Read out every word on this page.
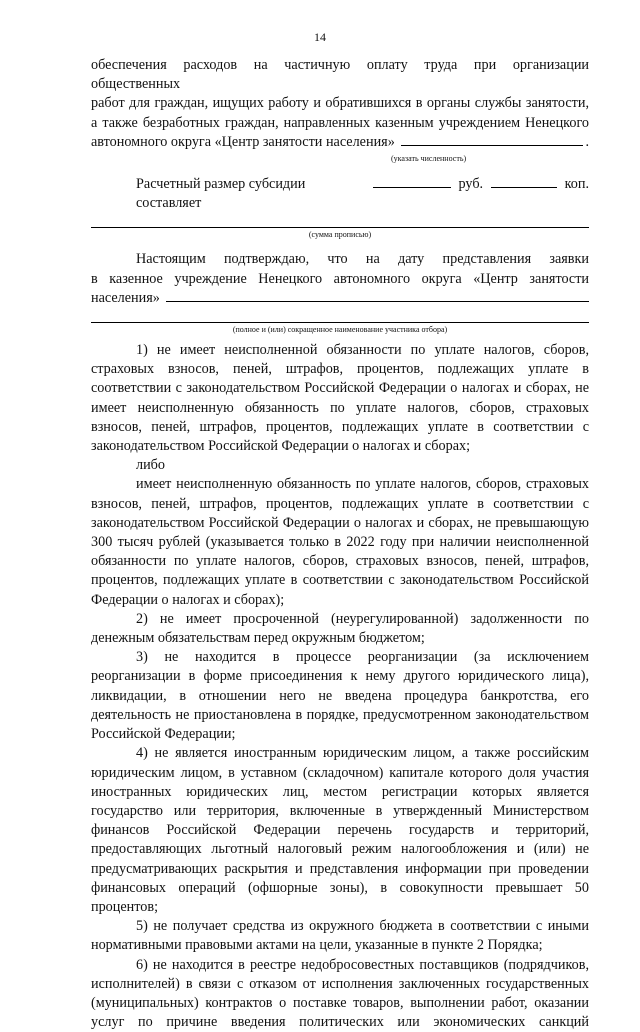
14

обеспечения расходов на частичную оплату труда при организации общественных

работ для граждан, ищущих работу и обратившихся в органы службы занятости,

а также безработных граждан, направленных казенным учреждением Ненецкого

автономного округа «Центр занятости населения»	.
(указать численность)
Расчетный размер субсидии составляет
руб.	коп.
(сумма прописью)

Настоящим подтверждаю, что на дату представления заявки

в казенное учреждение Ненецкого автономного округа «Центр занятости

населения»
(полное и (или) сокращенное наименование участника отбора)

1) не имеет неисполненной обязанности по уплате налогов, сборов, страховых взносов, пеней, штрафов, процентов, подлежащих уплате в соответствии с законодательством Российской Федерации о налогах и сборах, не имеет неисполненную обязанность по уплате налогов, сборов, страховых взносов, пеней, штрафов, процентов, подлежащих уплате в соответствии с законодательством Российской Федерации о налогах и сборах;

либо

имеет неисполненную обязанность по уплате налогов, сборов, страховых взносов, пеней, штрафов, процентов, подлежащих уплате в соответствии с законодательством Российской Федерации о налогах и сборах, не превышающую 300 тысяч рублей (указывается только в 2022 году при наличии неисполненной обязанности по уплате налогов, сборов, страховых взносов, пеней, штрафов, процентов, подлежащих уплате в соответствии с законодательством Российской Федерации о налогах и сборах);

2) не имеет просроченной (неурегулированной) задолженности по денежным обязательствам перед окружным бюджетом;

3) не находится в процессе реорганизации (за исключением реорганизации в форме присоединения к нему другого юридического лица), ликвидации, в отношении него не введена процедура банкротства, его деятельность не приостановлена в порядке, предусмотренном законодательством Российской Федерации;

4) не является иностранным юридическим лицом, а также российским юридическим лицом, в уставном (складочном) капитале которого доля участия иностранных юридических лиц, местом регистрации которых является государство или территория, включенные в утвержденный Министерством финансов Российской Федерации перечень государств и территорий, предоставляющих льготный налоговый режим налогообложения и (или) не предусматривающих раскрытия и представления информации при проведении финансовых операций (офшорные зоны), в совокупности превышает 50 процентов;

5) не получает средства из окружного бюджета в соответствии с иными нормативными правовыми актами на цели, указанные в пункте 2 Порядка;

6) не находится в реестре недобросовестных поставщиков (подрядчиков, исполнителей) в связи с отказом от исполнения заключенных государственных (муниципальных) контрактов о поставке товаров, выполнении работ, оказании услуг по причине введения политических или экономических санкций
